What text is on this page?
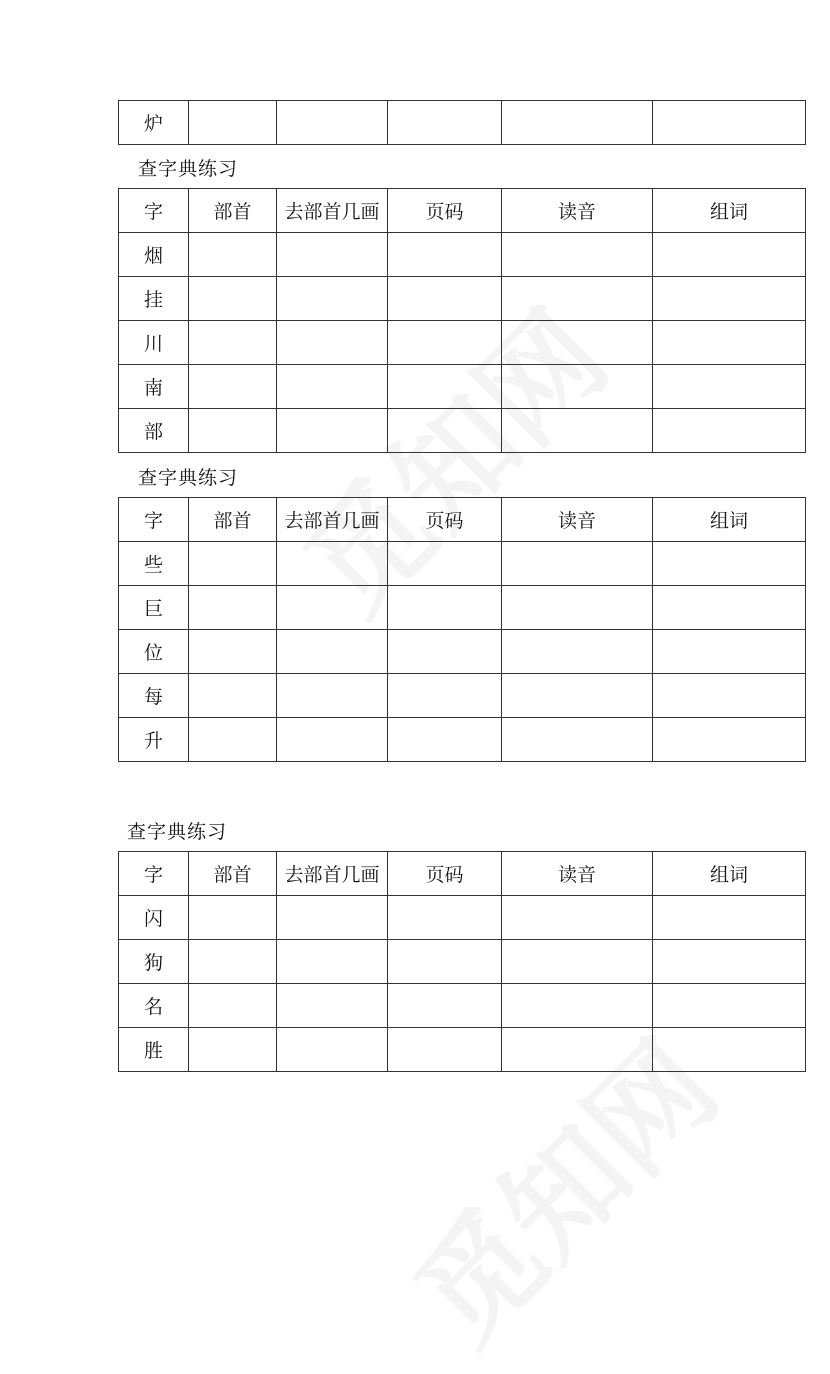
炉					
查字典练习
字	部首	去部首几画	页码	读音	组词
烟					
挂					
川					
南					
部					
查字典练习
字	部首	去部首几画	页码	读音	组词
些					
巨					
位					
每					
升					
查字典练习
字	部首	去部首几画	页码	读音	组词
闪					
狗					
名					
胜					
